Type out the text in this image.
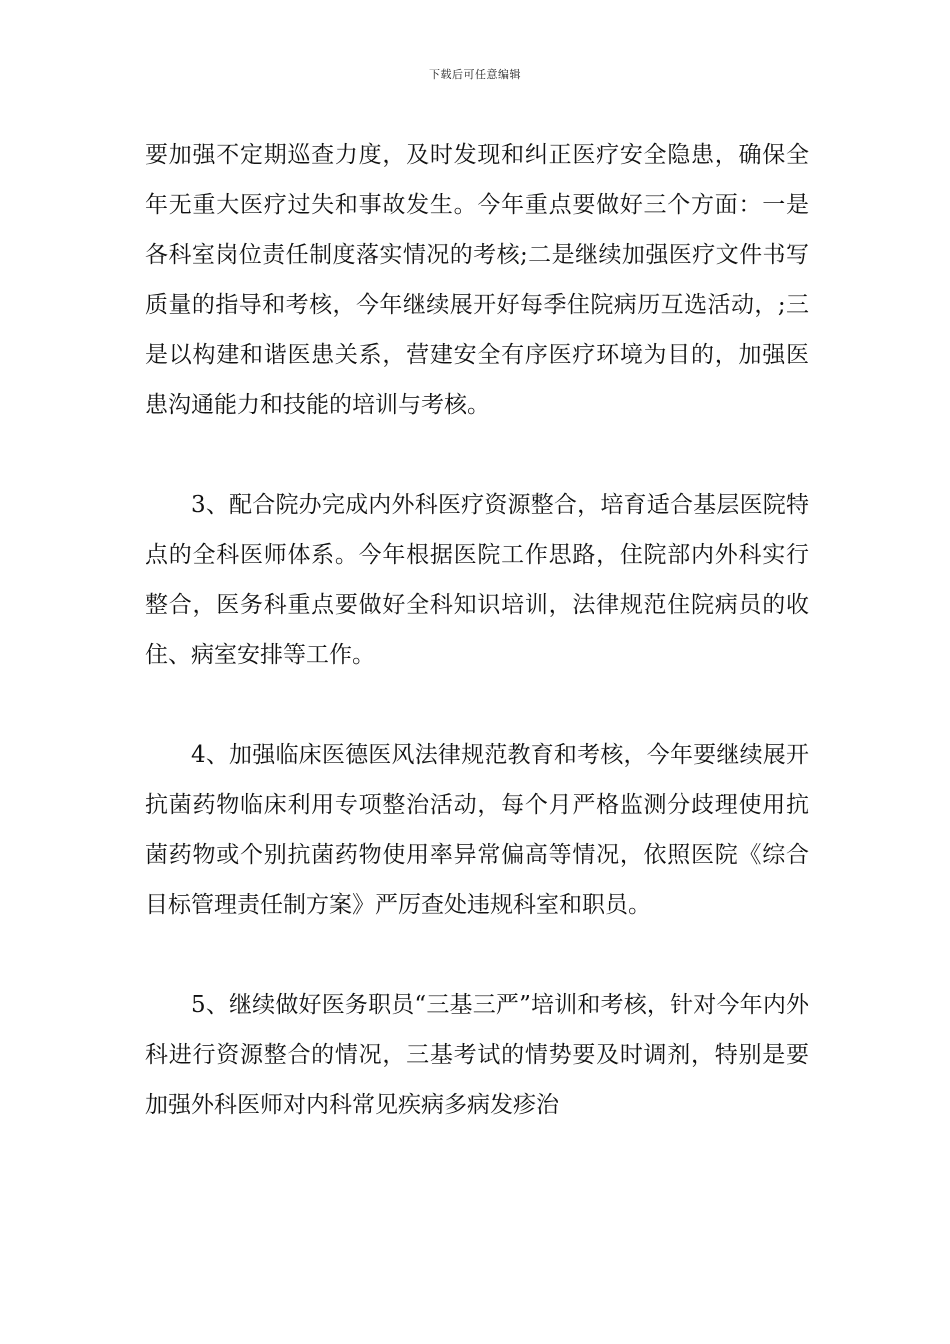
下载后可任意编辑

要加强不定期巡查力度，及时发现和纠正医疗安全隐患，确保全年无重大医疗过失和事故发生。今年重点要做好三个方面：一是各科室岗位责任制度落实情况的考核;二是继续加强医疗文件书写质量的指导和考核，今年继续展开好每季住院病历互选活动，;三是以构建和谐医患关系，营建安全有序医疗环境为目的，加强医患沟通能力和技能的培训与考核。

3、配合院办完成内外科医疗资源整合，培育适合基层医院特点的全科医师体系。今年根据医院工作思路，住院部内外科实行整合，医务科重点要做好全科知识培训，法律规范住院病员的收住、病室安排等工作。

4、加强临床医德医风法律规范教育和考核，今年要继续展开抗菌药物临床利用专项整治活动，每个月严格监测分歧理使用抗菌药物或个别抗菌药物使用率异常偏高等情况，依照医院《综合目标管理责任制方案》严厉查处违规科室和职员。

5、继续做好医务职员“三基三严”培训和考核，针对今年内外科进行资源整合的情况，三基考试的情势要及时调剂，特别是要加强外科医师对内科常见疾病多病发疹治
